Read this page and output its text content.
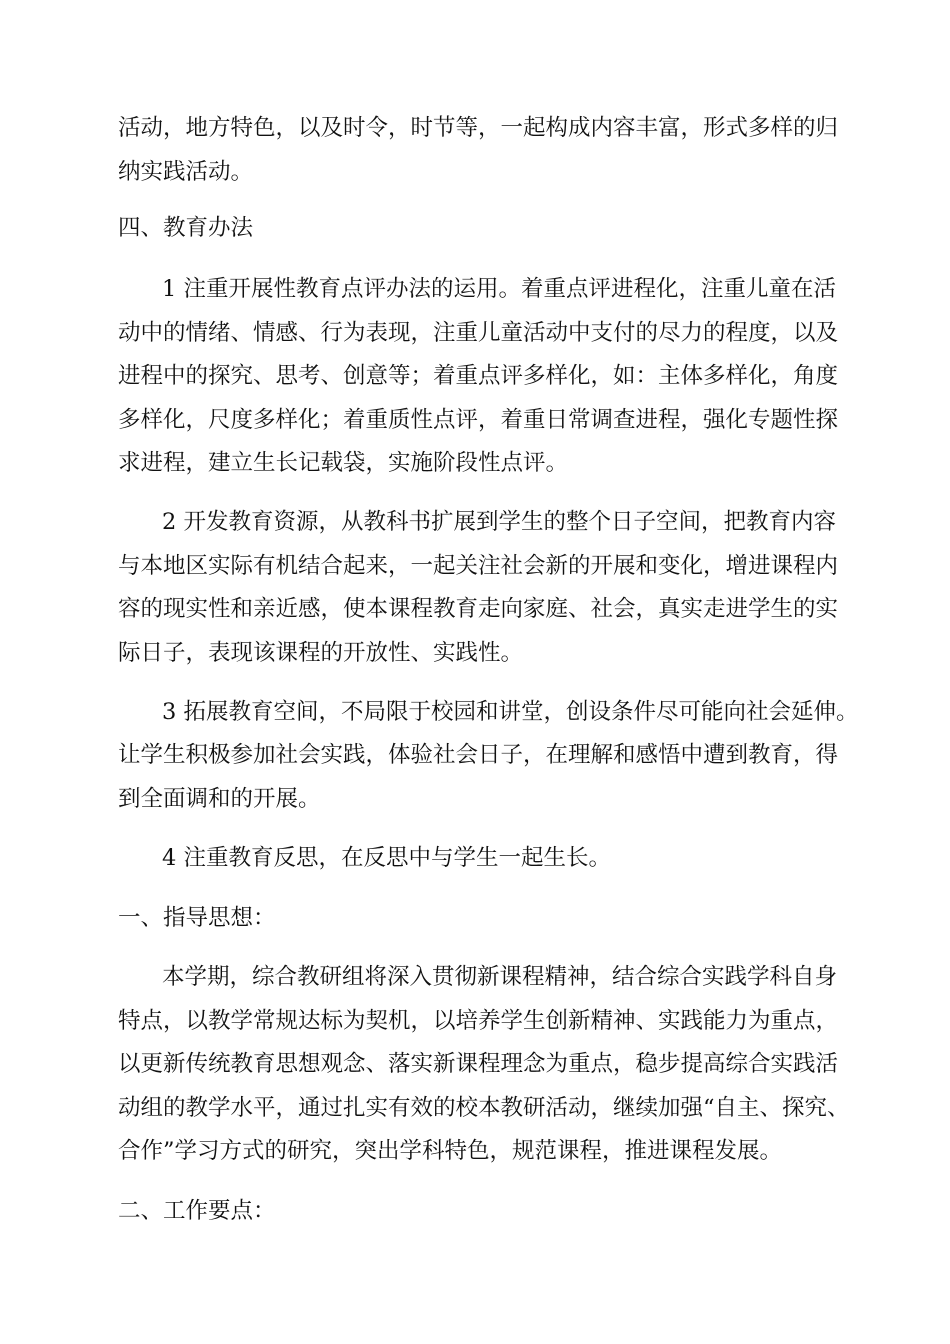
活动，地方特色，以及时令，时节等，一起构成内容丰富，形式多样的归
纳实践活动。
四、教育办法
1 注重开展性教育点评办法的运用。着重点评进程化，注重儿童在活
动中的情绪、情感、行为表现，注重儿童活动中支付的尽力的程度，以及
进程中的探究、思考、创意等；着重点评多样化，如：主体多样化，角度
多样化，尺度多样化；着重质性点评，着重日常调查进程，强化专题性探
求进程，建立生长记载袋，实施阶段性点评。
2 开发教育资源，从教科书扩展到学生的整个日子空间，把教育内容
与本地区实际有机结合起来，一起关注社会新的开展和变化，增进课程内
容的现实性和亲近感，使本课程教育走向家庭、社会，真实走进学生的实
际日子，表现该课程的开放性、实践性。
3 拓展教育空间，不局限于校园和讲堂，创设条件尽可能向社会延伸。
让学生积极参加社会实践，体验社会日子，在理解和感悟中遭到教育，得
到全面调和的开展。
4 注重教育反思，在反思中与学生一起生长。
一、指导思想：
本学期，综合教研组将深入贯彻新课程精神，结合综合实践学科自身
特点，以教学常规达标为契机，以培养学生创新精神、实践能力为重点，
以更新传统教育思想观念、落实新课程理念为重点，稳步提高综合实践活
动组的教学水平，通过扎实有效的校本教研活动，继续加强“自主、探究、
合作”学习方式的研究，突出学科特色，规范课程，推进课程发展。
二、工作要点：
